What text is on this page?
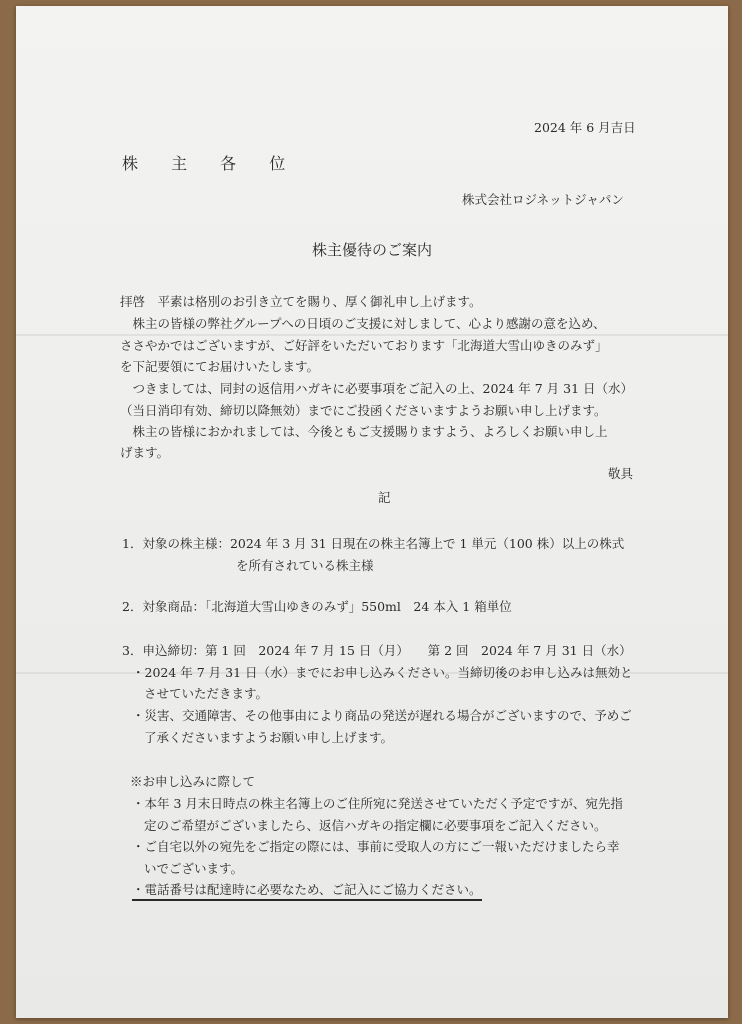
2024 年 6 月吉日
株 主 各 位
株式会社ロジネットジャパン
株主優待のご案内
拝啓　平素は格別のお引き立てを賜り、厚く御礼申し上げます。
　株主の皆様の弊社グループへの日頃のご支援に対しまして、心より感謝の意を込め、
ささやかではございますが、ご好評をいただいております「北海道大雪山ゆきのみず」
を下記要領にてお届けいたします。
　つきましては、同封の返信用ハガキに必要事項をご記入の上、2024 年 7 月 31 日（水）
（当日消印有効、締切以降無効）までにご投函くださいますようお願い申し上げます。
　株主の皆様におかれましては、今後ともご支援賜りますよう、よろしくお願い申し上
げます。
敬具
記
1．対象の株主様：2024 年 3 月 31 日現在の株主名簿上で 1 単元（100 株）以上の株式
を所有されている株主様
2．対象商品：「北海道大雪山ゆきのみず」550ml　24 本入 1 箱単位
3．申込締切：第 1 回　2024 年 7 月 15 日（月）　　第 2 回　2024 年 7 月 31 日（水）
・2024 年 7 月 31 日（水）までにお申し込みください。当締切後のお申し込みは無効と
させていただきます。
・災害、交通障害、その他事由により商品の発送が遅れる場合がございますので、予めご
了承くださいますようお願い申し上げます。
※お申し込みに際して
・本年 3 月末日時点の株主名簿上のご住所宛に発送させていただく予定ですが、宛先指
定のご希望がございましたら、返信ハガキの指定欄に必要事項をご記入ください。
・ご自宅以外の宛先をご指定の際には、事前に受取人の方にご一報いただけましたら幸
いでございます。
・電話番号は配達時に必要なため、ご記入にご協力ください。
